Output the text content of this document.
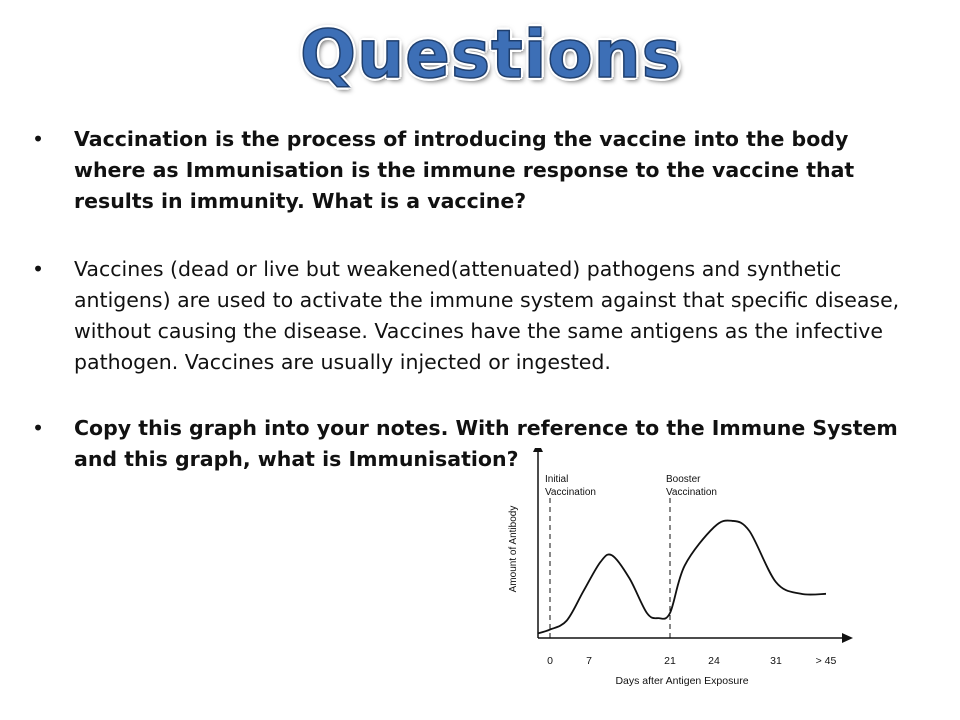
Questions
• Vaccination is the process of introducing the vaccine into the body where as Immunisation is the immune response to the vaccine that results in immunity. What is a vaccine?
• Vaccines (dead or live but weakened(attenuated) pathogens and synthetic antigens) are used to activate the immune system against that specific disease, without causing the disease. Vaccines have the same antigens as the infective pathogen. Vaccines are usually injected or ingested.
• Copy this graph into your notes. With reference to the Immune System and this graph, what is Immunisation?
Initial
Vaccination
Booster
Vaccination
Amount of Antibody
Days after Antigen Exposure
0	7	21	24	31	> 45
